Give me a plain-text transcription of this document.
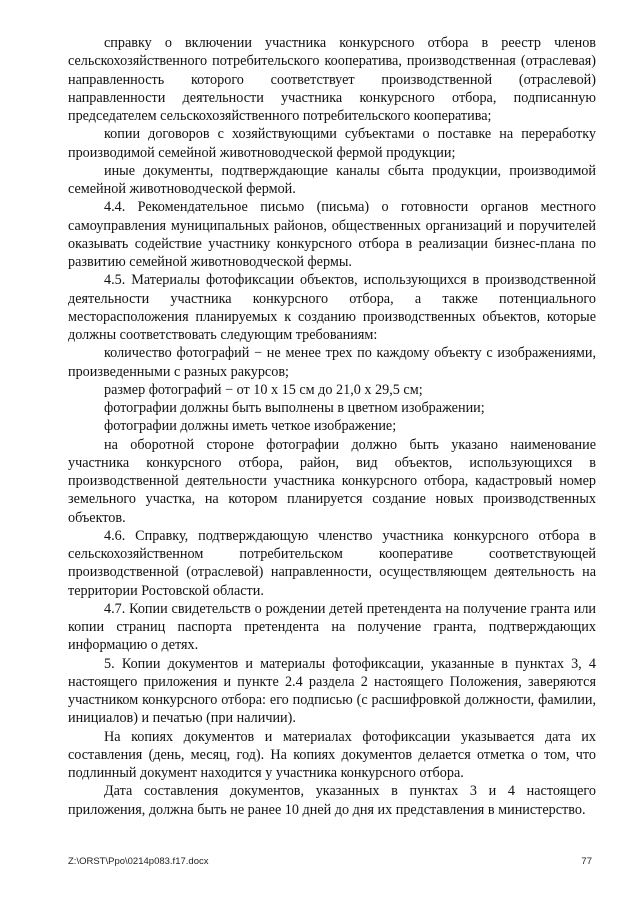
справку о включении участника конкурсного отбора в реестр членов сельскохозяйственного потребительского кооператива, производственная (отраслевая) направленность которого соответствует производственной (отраслевой) направленности деятельности участника конкурсного отбора, подписанную председателем сельскохозяйственного потребительского кооператива;

копии договоров с хозяйствующими субъектами о поставке на переработку производимой семейной животноводческой фермой продукции;

иные документы, подтверждающие каналы сбыта продукции, производимой семейной животноводческой фермой.

4.4. Рекомендательное письмо (письма) о готовности органов местного самоуправления муниципальных районов, общественных организаций и поручителей оказывать содействие участнику конкурсного отбора в реализации бизнес-плана по развитию семейной животноводческой фермы.

4.5. Материалы фотофиксации объектов, использующихся в производственной деятельности участника конкурсного отбора, а также потенциального месторасположения планируемых к созданию производственных объектов, которые должны соответствовать следующим требованиям:

количество фотографий − не менее трех по каждому объекту с изображениями, произведенными с разных ракурсов;

размер фотографий − от 10 x 15 см до 21,0 x 29,5 см;

фотографии должны быть выполнены в цветном изображении;

фотографии должны иметь четкое изображение;

на оборотной стороне фотографии должно быть указано наименование участника конкурсного отбора, район, вид объектов, использующихся в производственной деятельности участника конкурсного отбора, кадастровый номер земельного участка, на котором планируется создание новых производственных объектов.

4.6. Справку, подтверждающую членство участника конкурсного отбора в сельскохозяйственном потребительском кооперативе соответствующей производственной (отраслевой) направленности, осуществляющем деятельность на территории Ростовской области.

4.7. Копии свидетельств о рождении детей претендента на получение гранта или копии страниц паспорта претендента на получение гранта, подтверждающих информацию о детях.

5. Копии документов и материалы фотофиксации, указанные в пунктах 3, 4 настоящего приложения и пункте 2.4 раздела 2 настоящего Положения, заверяются участником конкурсного отбора: его подписью (с расшифровкой должности, фамилии, инициалов) и печатью (при наличии).

На копиях документов и материалах фотофиксации указывается дата их составления (день, месяц, год). На копиях документов делается отметка о том, что подлинный документ находится у участника конкурсного отбора.

Дата составления документов, указанных в пунктах 3 и 4 настоящего приложения, должна быть не ранее 10 дней до дня их представления в министерство.

Z:\ORST\Ppo\0214p083.f17.docx	77
